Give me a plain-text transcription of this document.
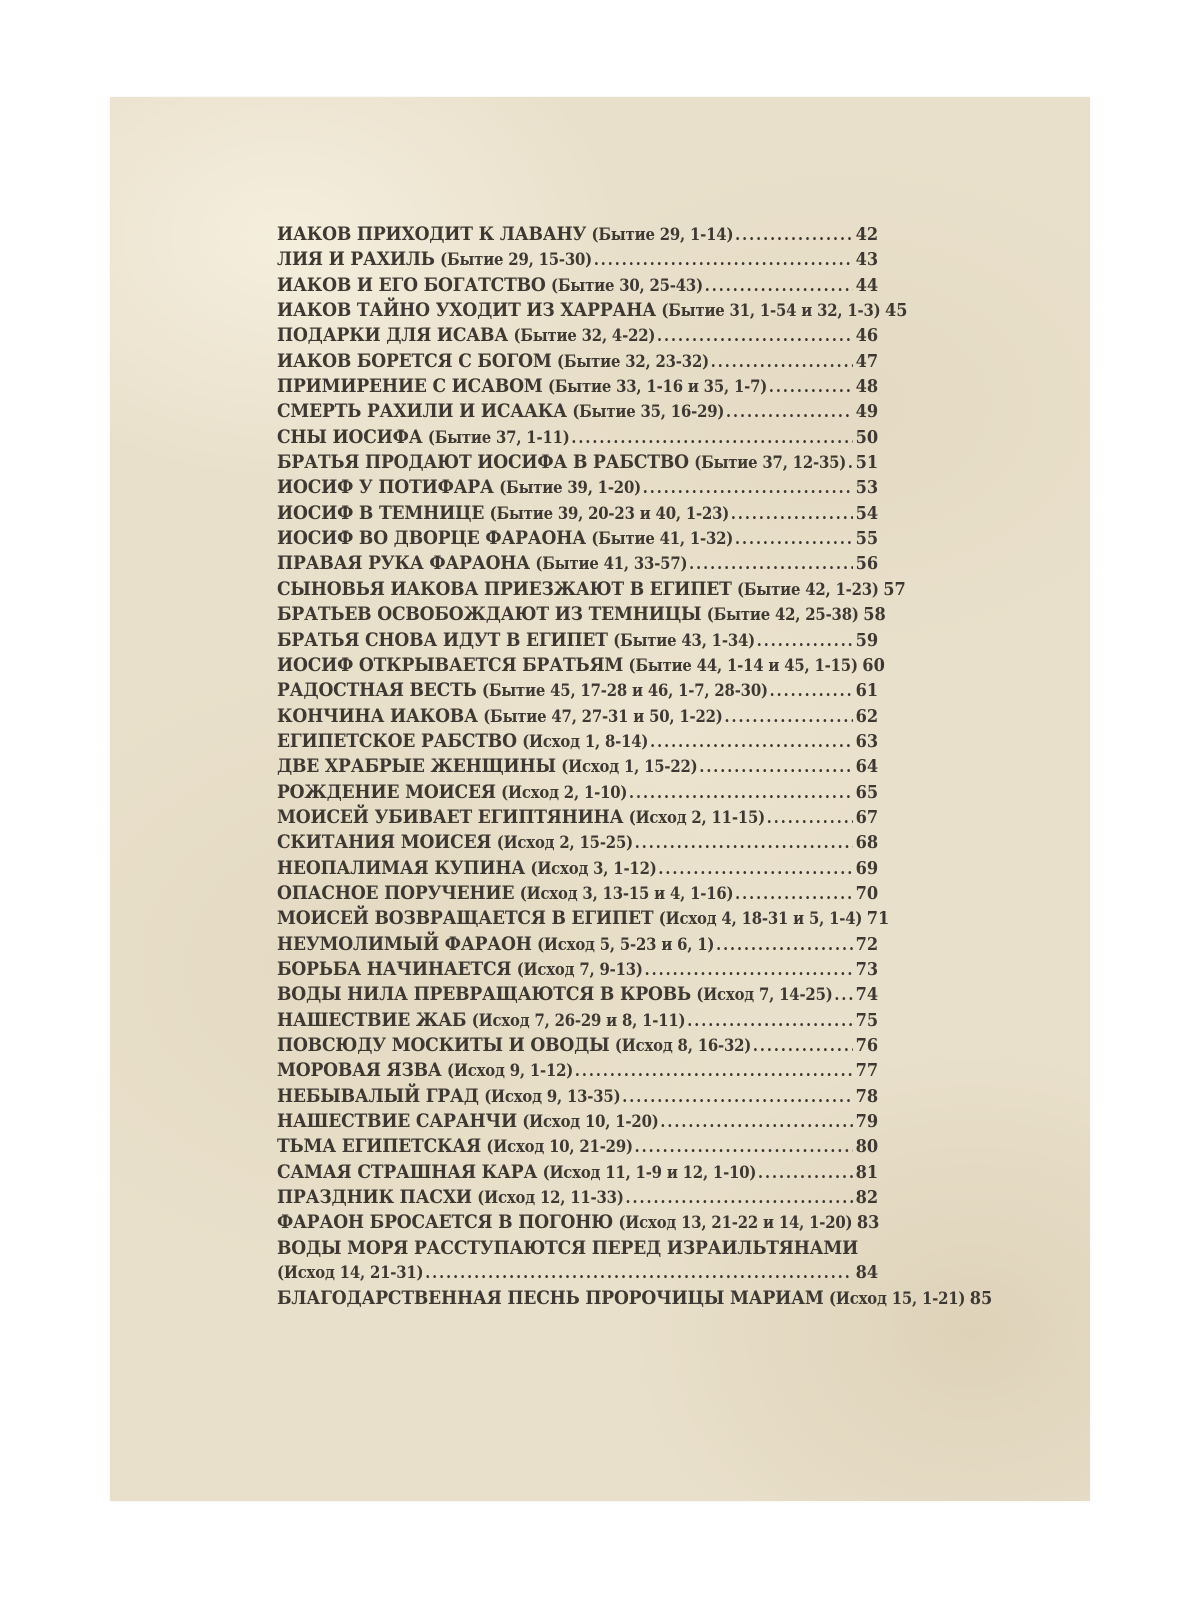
ИАКОВ ПРИХОДИТ К ЛАВАНУ (Бытие 29, 1-14) .....	42
ЛИЯ И РАХИЛЬ (Бытие 29, 15-30) .....	43
ИАКОВ И ЕГО БОГАТСТВО (Бытие 30, 25-43) .....	44
ИАКОВ ТАЙНО УХОДИТ ИЗ ХАРРАНА (Бытие 31, 1-54 и 32, 1-3) 45
ПОДАРКИ ДЛЯ ИСАВА (Бытие 32, 4-22) .....	46
ИАКОВ БОРЕТСЯ С БОГОМ (Бытие 32, 23-32) .....	47
ПРИМИРЕНИЕ С ИСАВОМ (Бытие 33, 1-16 и 35, 1-7) .....	48
СМЕРТЬ РАХИЛИ И ИСААКА (Бытие 35, 16-29) .....	49
СНЫ ИОСИФА (Бытие 37, 1-11) .....	50
БРАТЬЯ ПРОДАЮТ ИОСИФА В РАБСТВО (Бытие 37, 12-35) ..... 51
ИОСИФ У ПОТИФАРА (Бытие 39, 1-20) .....	53
ИОСИФ В ТЕМНИЦЕ (Бытие 39, 20-23 и 40, 1-23) .....	54
ИОСИФ ВО ДВОРЦЕ ФАРАОНА (Бытие 41, 1-32) .....	55
ПРАВАЯ РУКА ФАРАОНА (Бытие 41, 33-57) .....	56
СЫНОВЬЯ ИАКОВА ПРИЕЗЖАЮТ В ЕГИПЕТ (Бытие 42, 1-23) 57
БРАТЬЕВ ОСВОБОЖДАЮТ ИЗ ТЕМНИЦЫ (Бытие 42, 25-38) 58
БРАТЬЯ СНОВА ИДУТ В ЕГИПЕТ (Бытие 43, 1-34) .....	59
ИОСИФ ОТКРЫВАЕТСЯ БРАТЬЯМ (Бытие 44, 1-14 и 45, 1-15) 60
РАДОСТНАЯ ВЕСТЬ (Бытие 45, 17-28 и 46, 1-7, 28-30) .....	61
КОНЧИНА ИАКОВА (Бытие 47, 27-31 и 50, 1-22) .....	62
ЕГИПЕТСКОЕ РАБСТВО (Исход 1, 8-14) .....	63
ДВЕ ХРАБРЫЕ ЖЕНЩИНЫ (Исход 1, 15-22) .....	64
РОЖДЕНИЕ МОИСЕЯ (Исход 2, 1-10) .....	65
МОИСЕЙ УБИВАЕТ ЕГИПТЯНИНА (Исход 2, 11-15) .....	67
СКИТАНИЯ МОИСЕЯ (Исход 2, 15-25) .....	68
НЕОПАЛИМАЯ КУПИНА (Исход 3, 1-12) .....	69
ОПАСНОЕ ПОРУЧЕНИЕ (Исход 3, 13-15 и 4, 1-16) .....	70
МОИСЕЙ ВОЗВРАЩАЕТСЯ В ЕГИПЕТ (Исход 4, 18-31 и 5, 1-4) 71
НЕУМОЛИМЫЙ ФАРАОН (Исход 5, 5-23 и 6, 1) .....	72
БОРЬБА НАЧИНАЕТСЯ (Исход 7, 9-13) .....	73
ВОДЫ НИЛА ПРЕВРАЩАЮТСЯ В КРОВЬ (Исход 7, 14-25) ..... 74
НАШЕСТВИЕ ЖАБ (Исход 7, 26-29 и 8, 1-11) .....	75
ПОВСЮДУ МОСКИТЫ И ОВОДЫ (Исход 8, 16-32) .....	76
МОРОВАЯ ЯЗВА (Исход 9, 1-12) .....	77
НЕБЫВАЛЫЙ ГРАД (Исход 9, 13-35) .....	78
НАШЕСТВИЕ САРАНЧИ (Исход 10, 1-20) .....	79
ТЬМА ЕГИПЕТСКАЯ (Исход 10, 21-29) .....	80
САМАЯ СТРАШНАЯ КАРА (Исход 11, 1-9 и 12, 1-10) .....	81
ПРАЗДНИК ПАСХИ (Исход 12, 11-33) .....	82
ФАРАОН БРОСАЕТСЯ В ПОГОНЮ (Исход 13, 21-22 и 14, 1-20) 83
ВОДЫ МОРЯ РАССТУПАЮТСЯ ПЕРЕД ИЗРАИЛЬТЯНАМИ
(Исход 14, 21-31) .....	84
БЛАГОДАРСТВЕННАЯ ПЕСНЬ ПРОРОЧИЦЫ МАРИАМ (Исход 15, 1-21) 85
